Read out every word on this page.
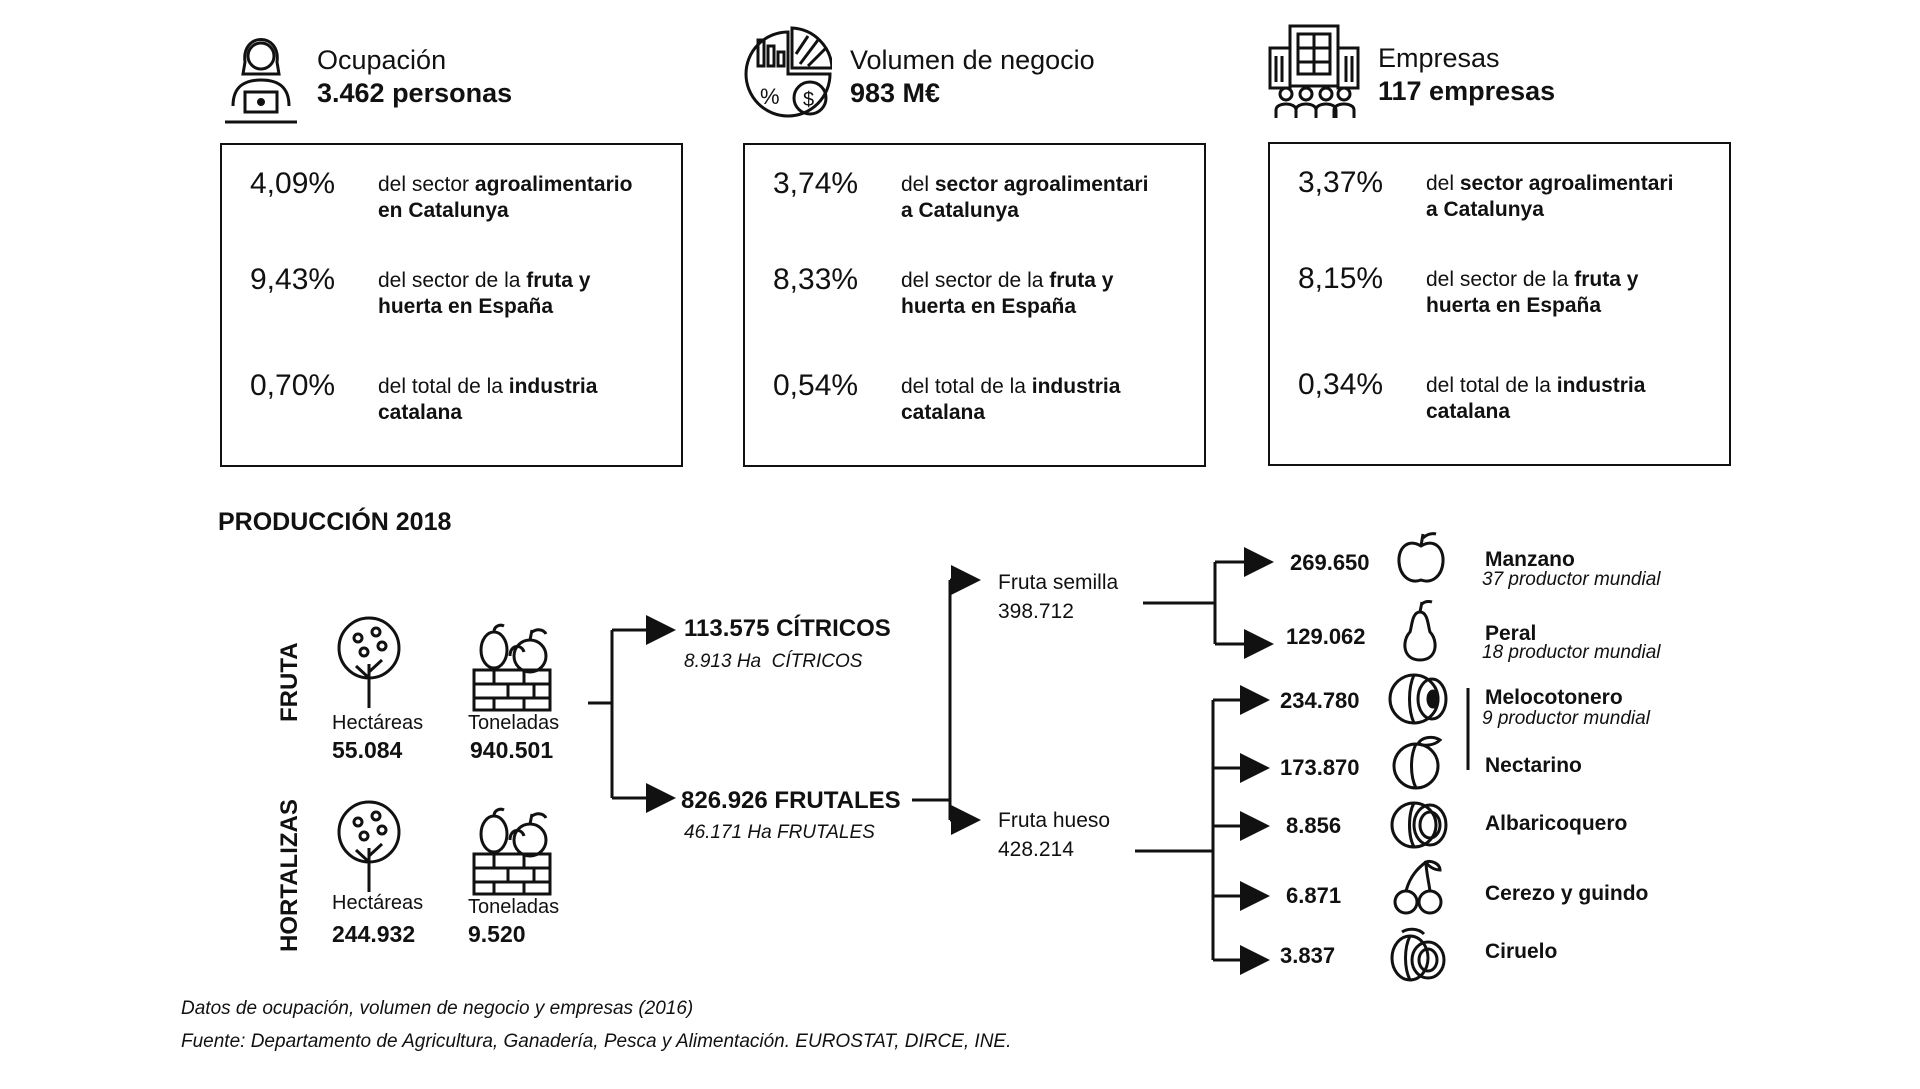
Ocupación
3.462 personas
4,09%	del sector agroalimentario
en Catalunya
9,43%	del sector de la fruta y
huerta en España
0,70%	del total de la industria
catalana
% $
Volumen de negocio
983 M€
3,74%	del sector agroalimentari
a Catalunya
8,33%	del sector de la fruta y
huerta en España
0,54%	del total de la industria
catalana
Empresas
117 empresas
3,37%	del sector agroalimentari
a Catalunya
8,15%	del sector de la fruta y
huerta en España
0,34%	del total de la industria
catalana
PRODUCCIÓN 2018
FRUTA
HORTALIZAS
Hectáreas
55.084
Toneladas
940.501
Hectáreas
244.932
Toneladas
9.520
113.575 CÍTRICOS
8.913 Ha  CÍTRICOS
826.926 FRUTALES
46.171 Ha FRUTALES
Fruta semilla
398.712
Fruta hueso
428.214
269.650	Manzano
37 productor mundial
129.062	Peral
18 productor mundial
234.780	Melocotonero
9 productor mundial
173.870	Nectarino
8.856	Albaricoquero
6.871	Cerezo y guindo
3.837	Ciruelo
Datos de ocupación, volumen de negocio y empresas (2016)
Fuente: Departamento de Agricultura, Ganadería, Pesca y Alimentación. EUROSTAT, DIRCE, INE.
